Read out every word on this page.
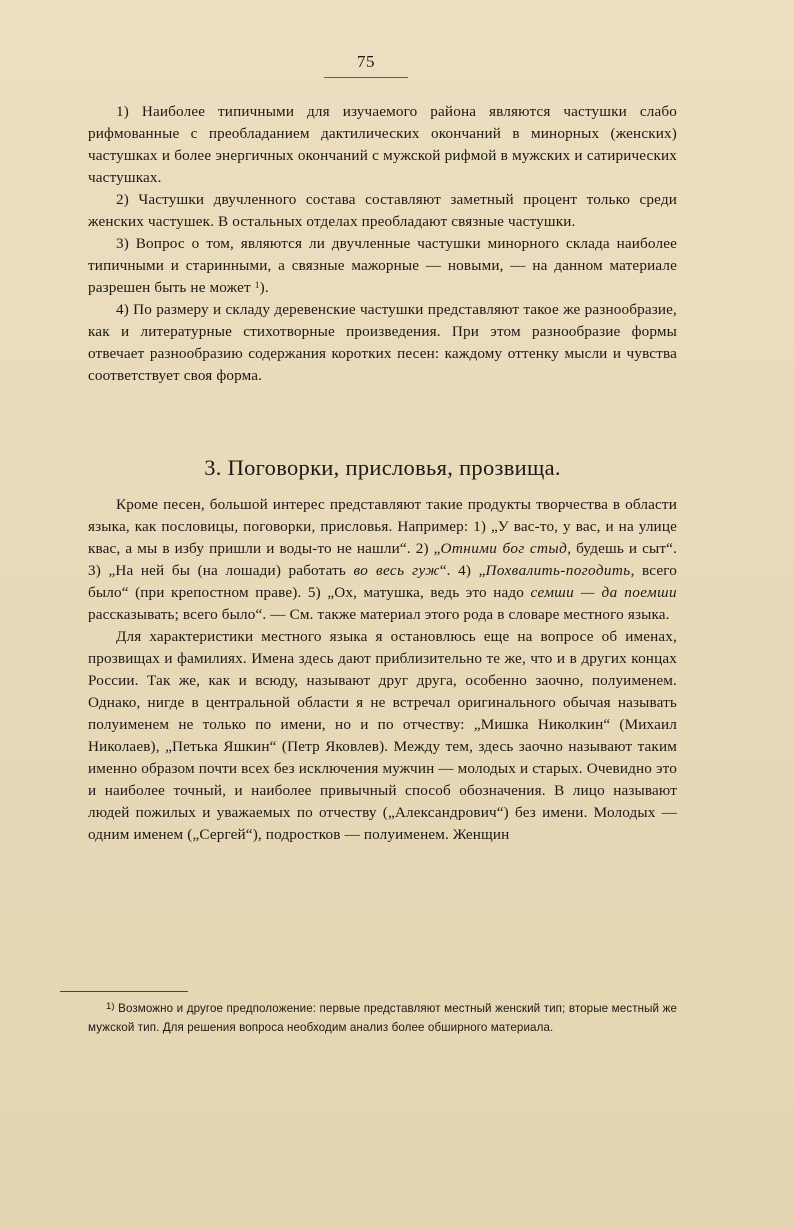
75

1) Наиболее типичными для изучаемого района являются частушки слабо рифмованные с преобладанием дактилических окончаний в минорных (женских) частушках и более энергичных окончаний с мужской рифмой в мужских и сатирических частушках.

2) Частушки двучленного состава составляют заметный процент только среди женских частушек. В остальных отделах преобладают связные частушки.

3) Вопрос о том, являются ли двучленные частушки минорного склада наиболее типичными и старинными, а связные мажорные — новыми, — на данном материале разрешен быть не может $^1$).

4) По размеру и складу деревенские частушки представляют такое же разнообразие, как и литературные стихотворные произведения. При этом разнообразие формы отвечает разнообразию содержания коротких песен: каждому оттенку мысли и чувства соответствует своя форма.

3. Поговорки, присловья, прозвища.

Кроме песен, большой интерес представляют такие продукты творчества в области языка, как пословицы, поговорки, присловья. Например: 1) „У вас-то, у вас, и на улице квас, а мы в избу пришли и воды-то не нашли“. 2) „Отними бог стыд, будешь и сыт“. 3) „На ней бы (на лошади) работать во весь гуж“. 4) „Похвалить-погодить, всего было“ (при крепостном праве). 5) „Ох, матушка, ведь это надо семши — да поемши рассказывать; всего было“. — См. также материал этого рода в словаре местного языка.

Для характеристики местного языка я остановлюсь еще на вопросе об именах, прозвищах и фамилиях. Имена здесь дают приблизительно те же, что и в других концах России. Так же, как и всюду, называют друг друга, особенно заочно, полуименем. Однако, нигде в центральной области я не встречал оригинального обычая называть полуименем не только по имени, но и по отчеству: „Мишка Николкин“ (Михаил Николаев), „Петька Яшкин“ (Петр Яковлев). Между тем, здесь заочно называют таким именно образом почти всех без исключения мужчин — молодых и старых. Очевидно это и наиболее точный, и наиболее привычный способ обозначения. В лицо называют людей пожилых и уважаемых по отчеству („Александрович“) без имени. Молодых — одним именем („Сергей“), подростков — полуименем. Женщин

$^{1)}$ Возможно и другое предположение: первые представляют местный женский тип; вторые местный же мужской тип. Для решения вопроса необходим анализ более обширного материала.
